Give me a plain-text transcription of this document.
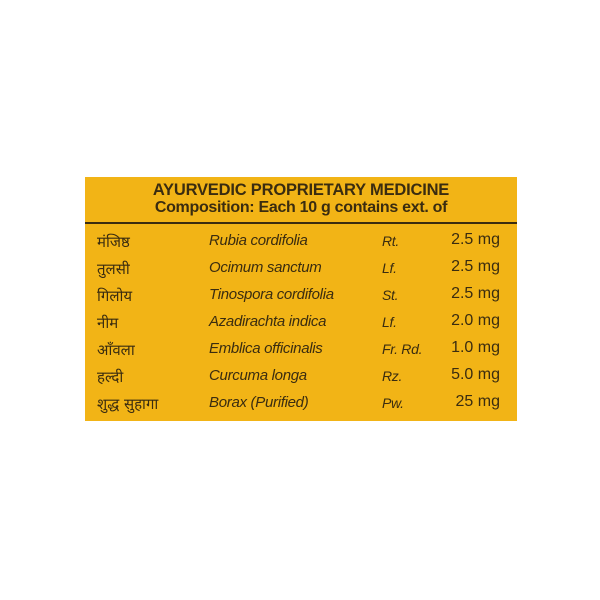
AYURVEDIC PROPRIETARY MEDICINE
Composition: Each 10 g contains ext. of
मंजिष्ठ	Rubia cordifolia	Rt.	2.5 mg
तुलसी	Ocimum sanctum	Lf.	2.5 mg
गिलोय	Tinospora cordifolia	St.	2.5 mg
नीम	Azadirachta indica	Lf.	2.0 mg
आँवला	Emblica officinalis	Fr. Rd. 1.0 mg
हल्दी	Curcuma longa	Rz.	5.0 mg
शुद्ध सुहागा	Borax (Purified)	Pw.	25 mg
